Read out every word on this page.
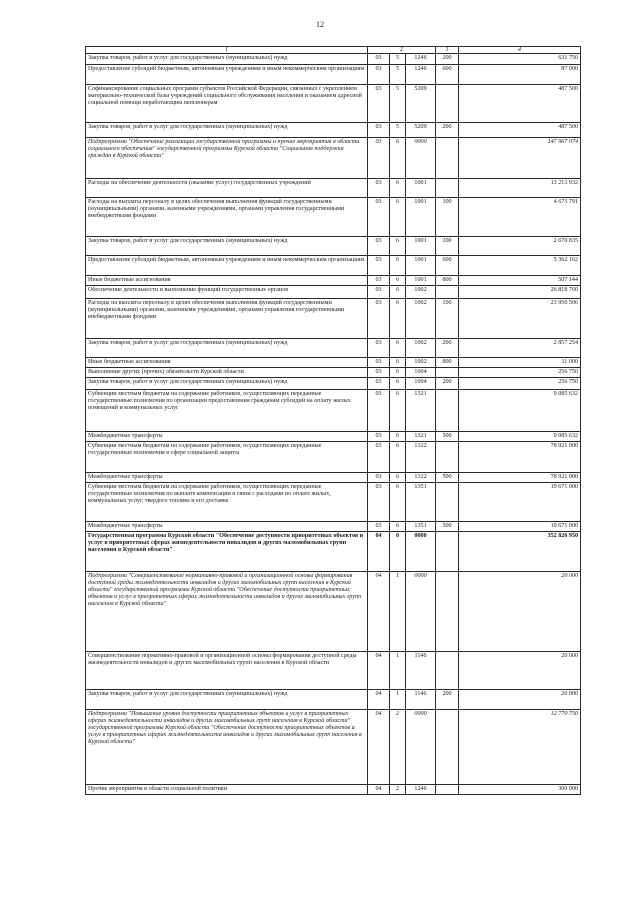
12
1	2			3	4
Закупка товаров, работ и услуг для государственных (муниципальных) нужд	03	5	1246	200	631 750
Предоставление субсидий бюджетным, автономным учреждениям и иным некоммерческим организациям	03	5	1246	600	87 000
Софинансирование социальных программ субъектов Российской Федерации, связанных с укреплением материально-технической базы учреждений социального обслуживания населения и оказанием адресной социальной помощи неработающим пенсионерам	03	5	5209		487 500
Закупка товаров, работ и услуг для государственных (муниципальных) нужд	03	5	5209	200	487 500
Подпрограмма "Обеспечение реализации государственной программы и прочие мероприятия в области социального обеспечения" государственной программы Курской области "Социальная поддержка граждан в Курской области"	03	6	0000		147 967 074
Расходы на обеспечение деятельности (оказание услуг) государственных учреждений	03	6	1001		13 213 932
Расходы на выплаты персоналу в целях обеспечения выполнения функций государственными (муниципальными) органами, казенными учреждениями, органами управления государственными внебюджетными фондами	03	6	1001	100	4 673 791
Закупка товаров, работ и услуг для государственных (муниципальных) нужд	03	6	1001	200	2 670 835
Предоставление субсидий бюджетным, автономным учреждениям и иным некоммерческим организациям	03	6	1001	600	5 362 162
Иные бюджетные ассигнования	03	6	1001	800	507 144
Обеспечение деятельности и выполнение функций государственных органов	03	6	1002		26 818 760
Расходы на выплаты персоналу в целях обеспечения выполнения функций государственными (муниципальными) органами, казенными учреждениями, органами управления государственными внебюджетными фондами	03	6	1002	100	23 950 506
Закупка товаров, работ и услуг для государственных (муниципальных) нужд	03	6	1002	200	2 857 254
Иные бюджетные ассигнования	03	6	1002	800	11 000
Выполнение других (прочих) обязательств Курской области	03	6	1004		256 750
Закупка товаров, работ и услуг для государственных (муниципальных) нужд	03	6	1004	200	256 750
Субвенции местным бюджетам на содержание работников, осуществляющих переданные государственные полномочия по организации предоставления гражданам субсидий на оплату жилых помещений и коммунальных услуг	03	6	1321		9 085 632
Межбюджетные трансферты	03	6	1321	500	9 085 632
Субвенции местным бюджетам на содержание работников, осуществляющих переданные государственные полномочия в сфере социальной защиты	03	6	1322		78 921 000
Межбюджетные трансферты	03	6	1322	500	78 921 000
Субвенции местным бюджетам на содержание работников, осуществляющих переданные государственные полномочия по выплате компенсации в связи с расходами по оплате жилых, коммунальных услуг, твердого топлива и его доставке	03	6	1351		19 671 000
Межбюджетные трансферты	03	6	1351	500	19 671 000
Государственная программа Курской области "Обеспечение доступности приоритетных объектов и услуг в приоритетных сферах жизнедеятельности инвалидов и других маломобильных групп населения в Курской области"	04	0	0000		352 826 950
Подпрограмма "Совершенствование нормативно-правовой и организационной основы формирования доступной среды жизнедеятельности инвалидов и других маломобильных групп населения в Курской области" государственной программы Курской области "Обеспечение доступности приоритетных объектов и услуг в приоритетных сферах жизнедеятельности инвалидов и других маломобильных групп населения в Курской области"	04	1	0000		20 000
Совершенствование нормативно-правовой и организационной основы формирования доступной среды жизнедеятельности инвалидов и других маломобильных групп населения в Курской области	04	1	1146		20 000
Закупка товаров, работ и услуг для государственных (муниципальных) нужд	04	1	1146	200	20 000
Подпрограмма "Повышение уровня доступности приоритетных объектов и услуг в приоритетных сферах жизнедеятельности инвалидов и других маломобильных групп населения в Курской области" государственной программы Курской области "Обеспечение доступности приоритетных объектов и услуг в приоритетных сферах жизнедеятельности инвалидов и других маломобильных групп населения в Курской области"	04	2	0000		12 770 750
Прочие мероприятия в области социальной политики	04	2	1246		300 000
